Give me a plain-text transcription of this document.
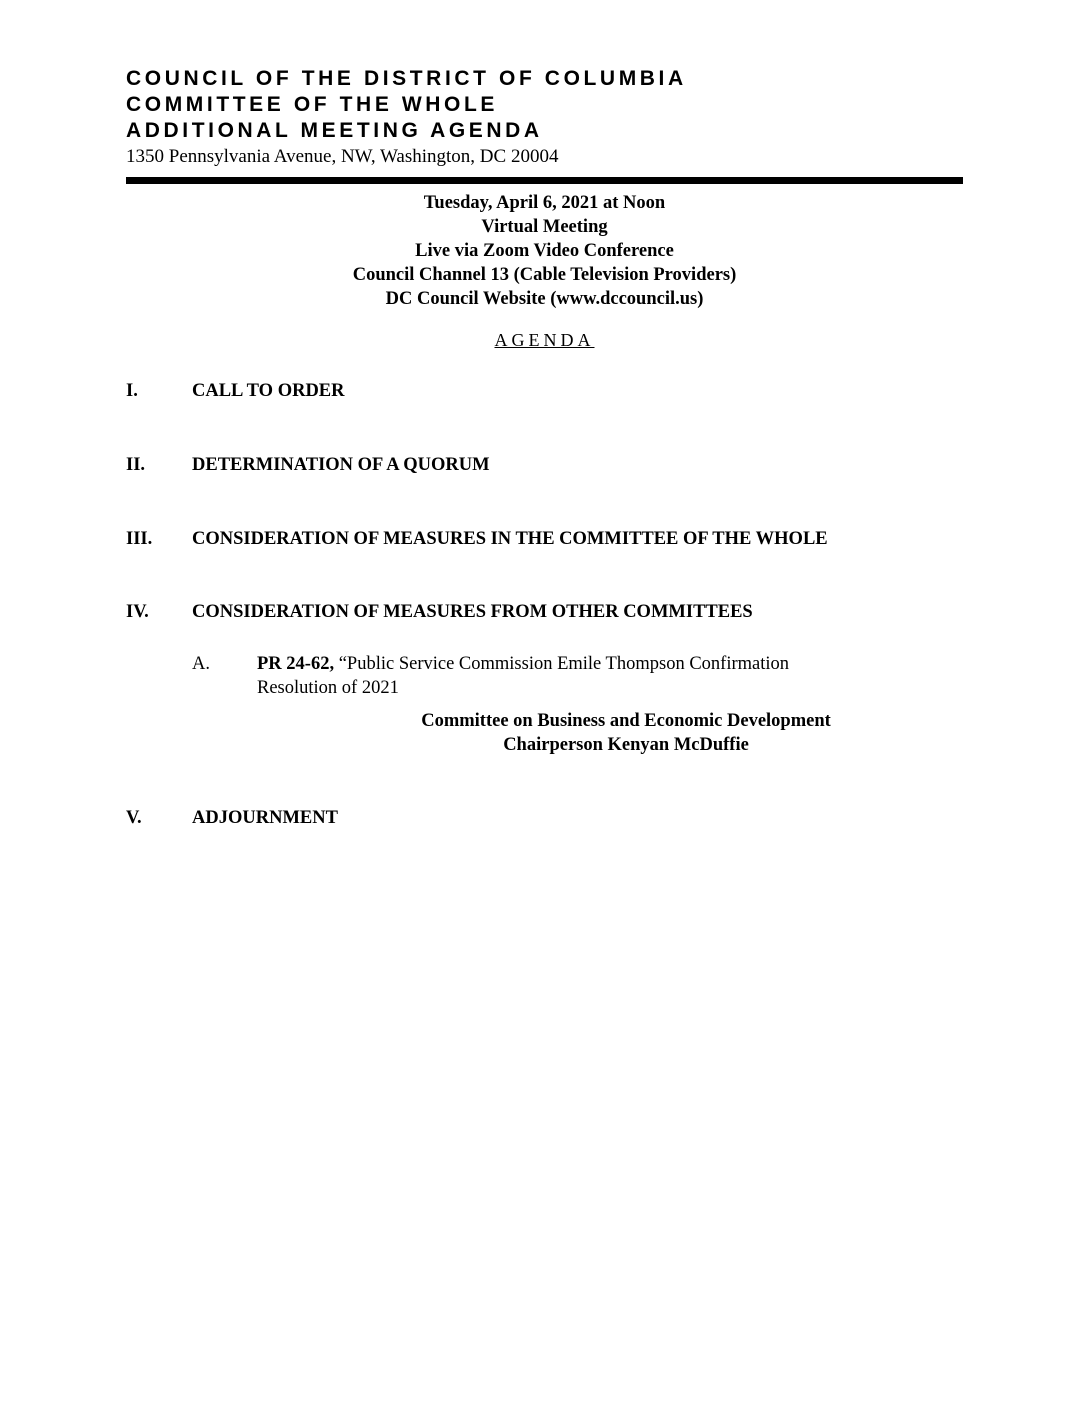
COUNCIL OF THE DISTRICT OF COLUMBIA
COMMITTEE OF THE WHOLE
ADDITIONAL MEETING AGENDA
1350 Pennsylvania Avenue, NW, Washington, DC 20004
Tuesday, April 6, 2021 at Noon
Virtual Meeting
Live via Zoom Video Conference
Council Channel 13 (Cable Television Providers)
DC Council Website (www.dccouncil.us)
AGENDA
I.	CALL TO ORDER
II.	DETERMINATION OF A QUORUM
III. CONSIDERATION OF MEASURES IN THE COMMITTEE OF THE WHOLE
IV. CONSIDERATION OF MEASURES FROM OTHER COMMITTEES
A.	PR 24-62, “Public Service Commission Emile Thompson Confirmation
Resolution of 2021
Committee on Business and Economic Development
Chairperson Kenyan McDuffie
V.	ADJOURNMENT
